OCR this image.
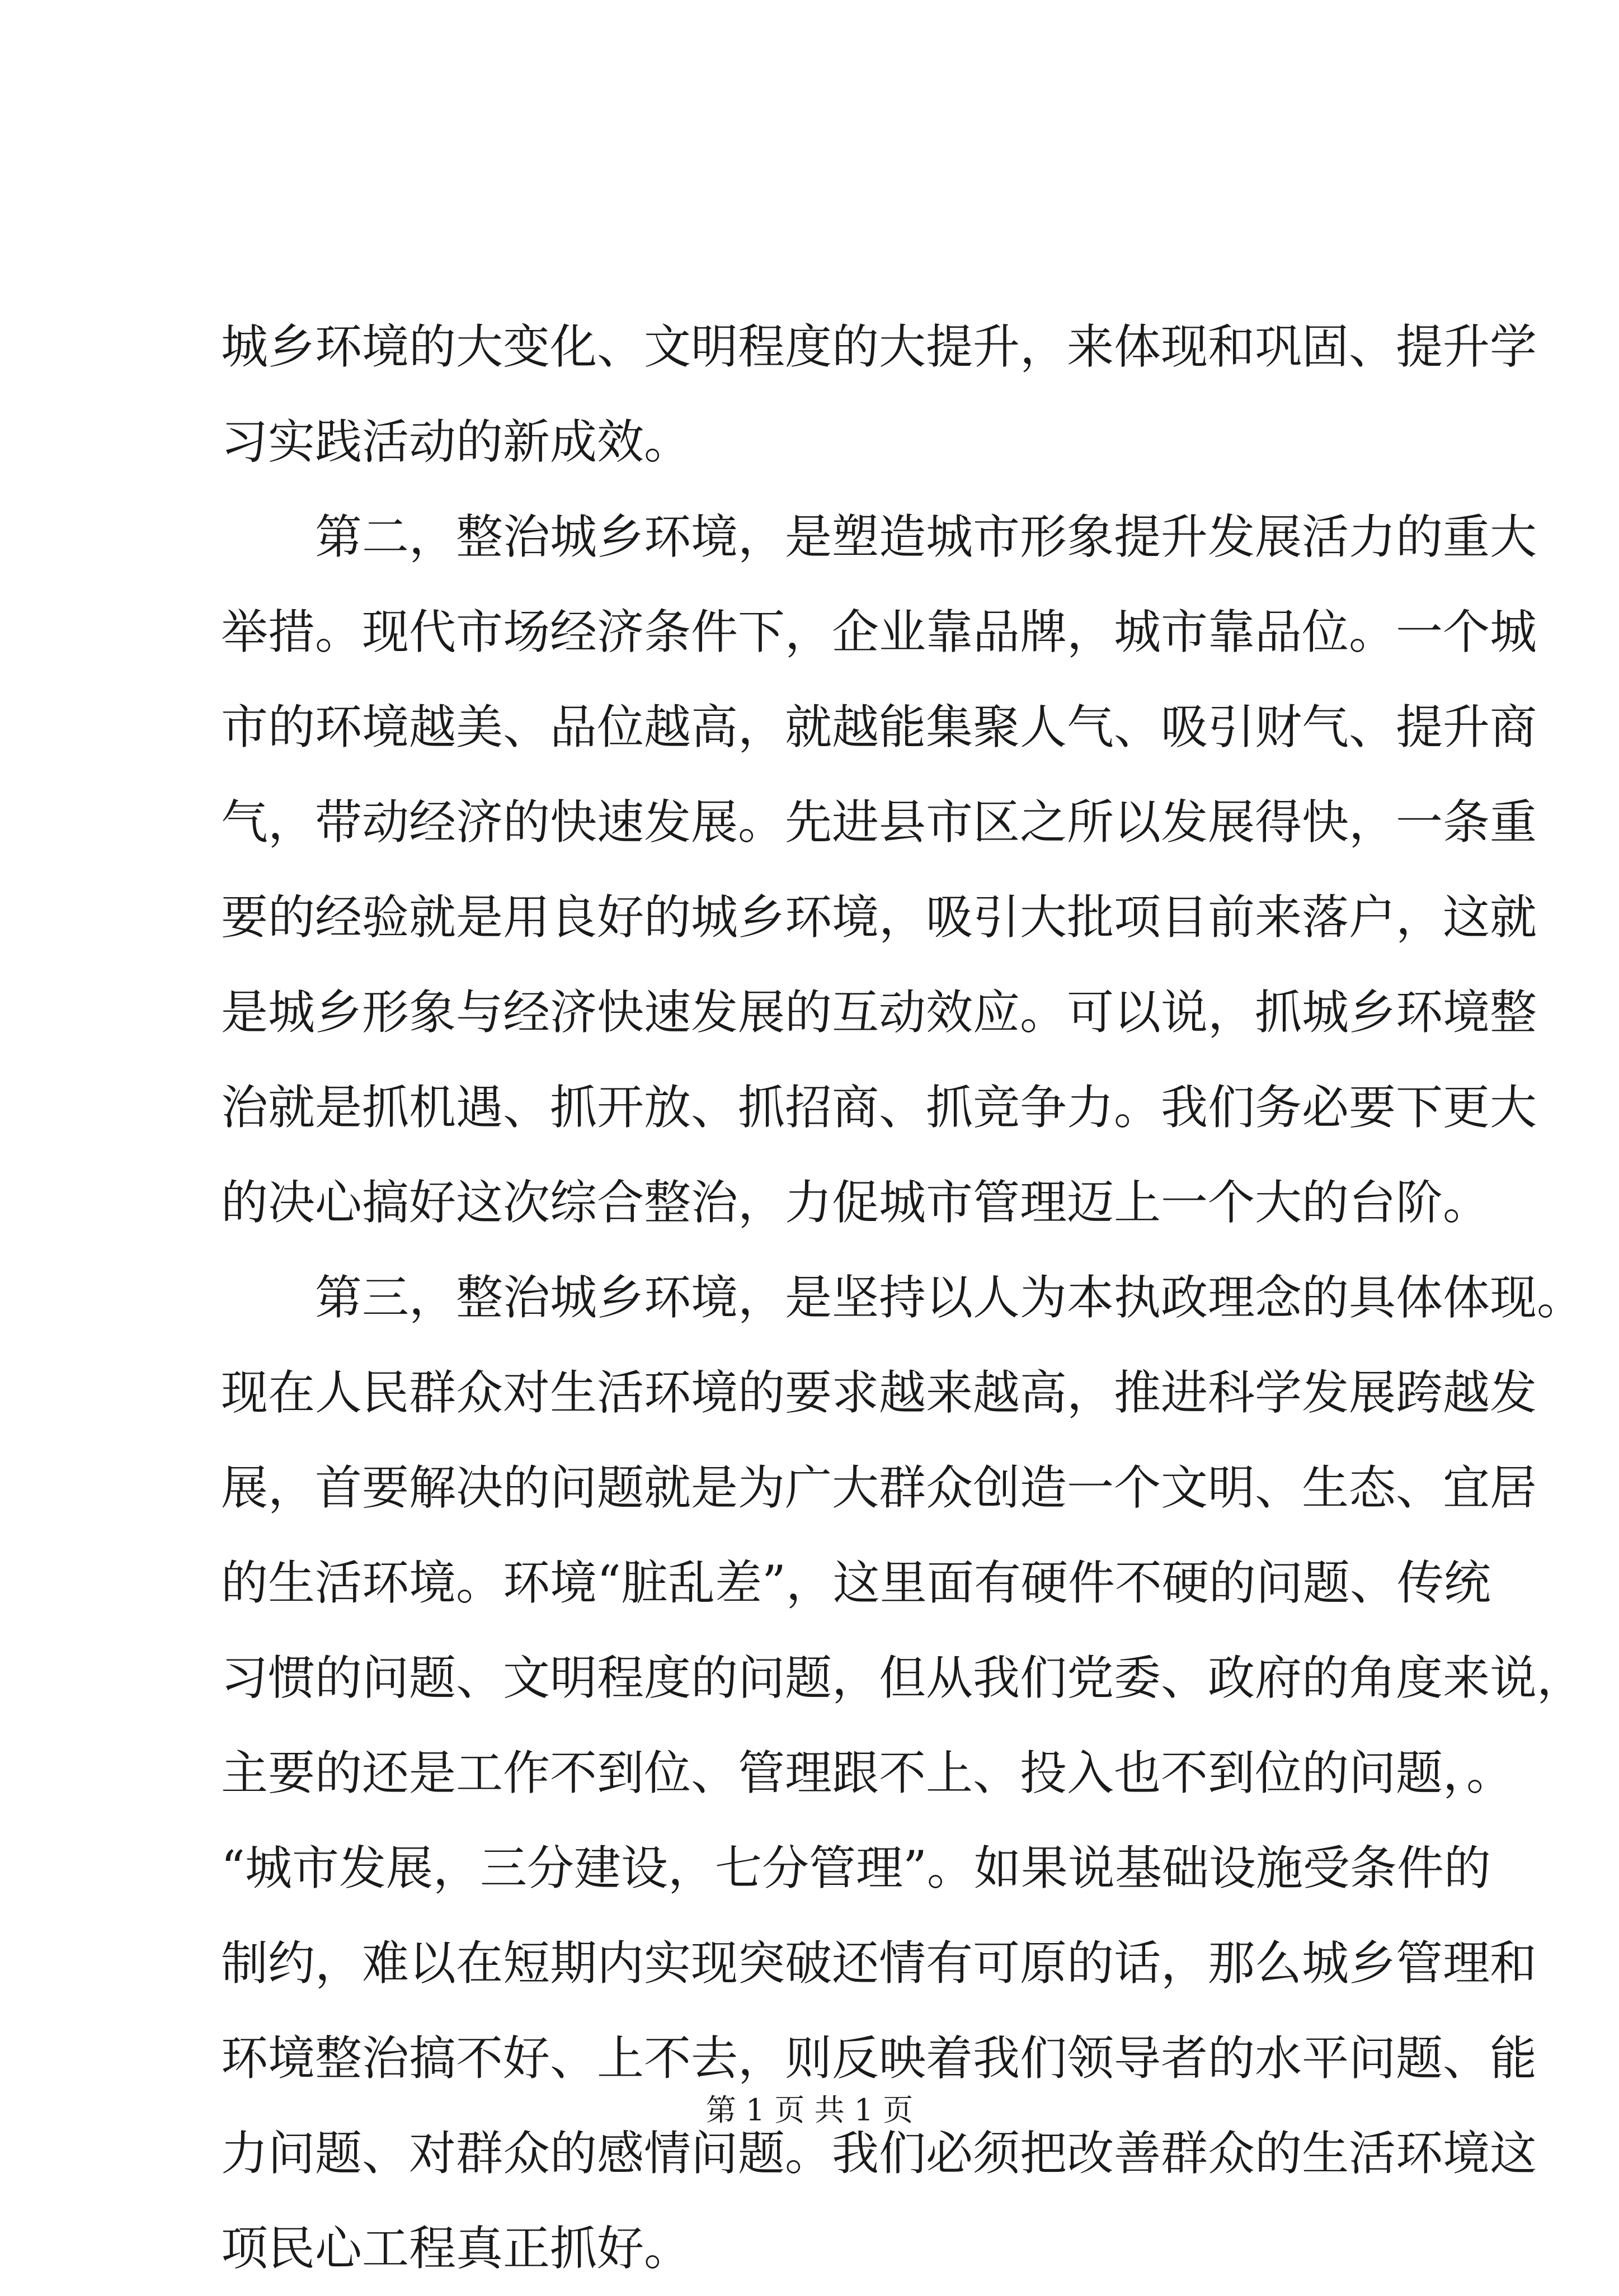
城乡环境的大变化、文明程度的大提升，来体现和巩固、提升学
习实践活动的新成效。
第二，整治城乡环境，是塑造城市形象提升发展活力的重大
举措。现代市场经济条件下，企业靠品牌，城市靠品位。一个城
市的环境越美、品位越高，就越能集聚人气、吸引财气、提升商
气，带动经济的快速发展。先进县市区之所以发展得快，一条重
要的经验就是用良好的城乡环境，吸引大批项目前来落户，这就
是城乡形象与经济快速发展的互动效应。可以说，抓城乡环境整
治就是抓机遇、抓开放、抓招商、抓竞争力。我们务必要下更大
的决心搞好这次综合整治，力促城市管理迈上一个大的台阶。
第三，整治城乡环境，是坚持以人为本执政理念的具体体现。
现在人民群众对生活环境的要求越来越高，推进科学发展跨越发
展，首要解决的问题就是为广大群众创造一个文明、生态、宜居
的生活环境。环境“脏乱差”，这里面有硬件不硬的问题、传统
习惯的问题、文明程度的问题，但从我们党委、政府的角度来说，
主要的还是工作不到位、管理跟不上、投入也不到位的问题，。
“城市发展，三分建设，七分管理”。如果说基础设施受条件的
制约，难以在短期内实现突破还情有可原的话，那么城乡管理和
环境整治搞不好、上不去，则反映着我们领导者的水平问题、能
力问题、对群众的感情问题。我们必须把改善群众的生活环境这
项民心工程真正抓好。
第 1 页 共 1 页
